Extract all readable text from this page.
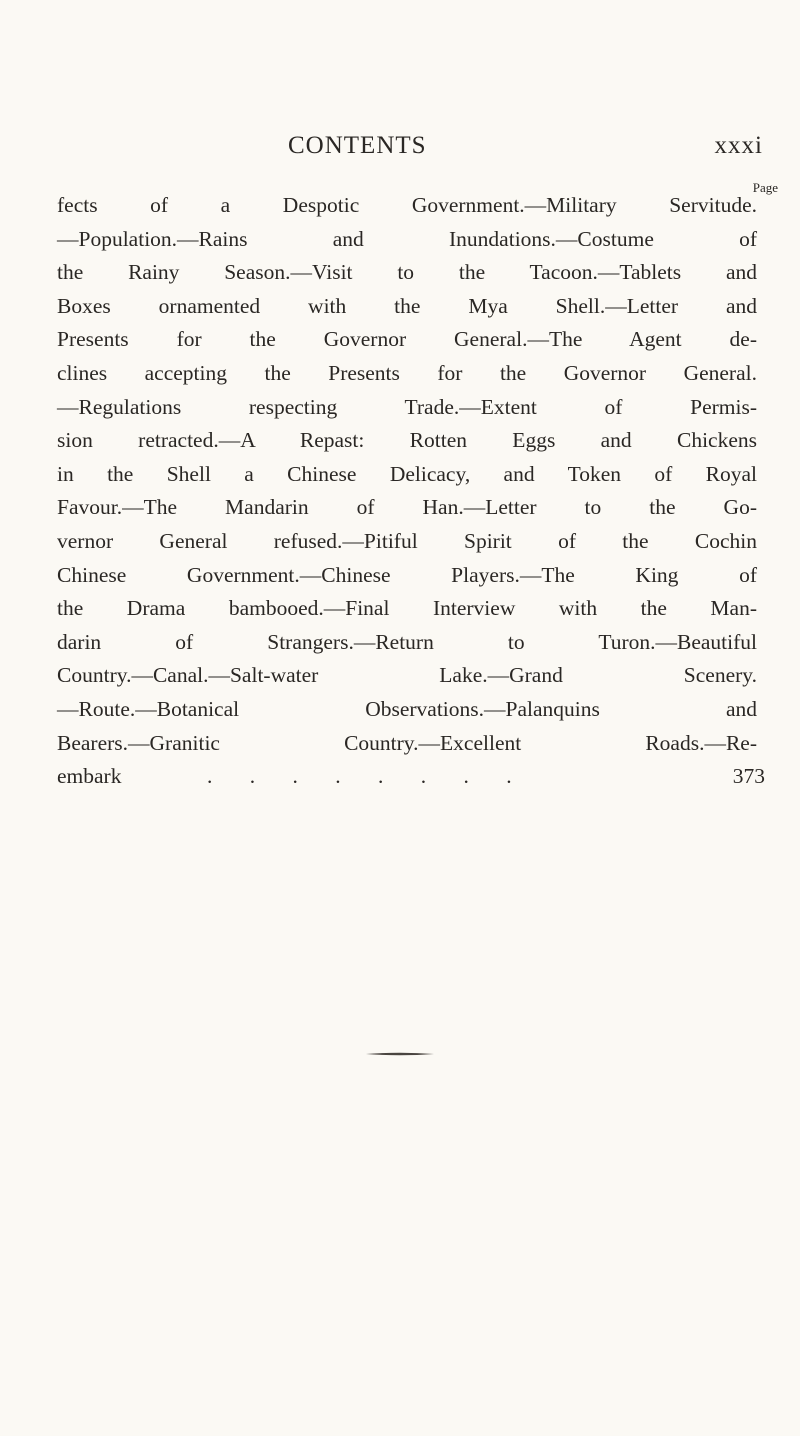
CONTENTS	xxxi
Page
fects of a Despotic Government.—Military Servitude.
—Population.—Rains and Inundations.—Costume of
the Rainy Season.—Visit to the Tacoon.—Tablets and
Boxes ornamented with the Mya Shell.—Letter and
Presents for the Governor General.—The Agent de-
clines accepting the Presents for the Governor General.
—Regulations respecting Trade.—Extent of Permis-
sion retracted.—A Repast: Rotten Eggs and Chickens
in the Shell a Chinese Delicacy, and Token of Royal
Favour.—The Mandarin of Han.—Letter to the Go-
vernor General refused.—Pitiful Spirit of the Cochin
Chinese Government.—Chinese Players.—The King of
the Drama bambooed.—Final Interview with the Man-
darin of Strangers.—Return to Turon.—Beautiful
Country.—Canal.—Salt-water Lake.—Grand Scenery.
—Route.—Botanical Observations.—Palanquins and
Bearers.—Granitic Country.—Excellent Roads.—Re-
embark	. . . . . . . .	373
